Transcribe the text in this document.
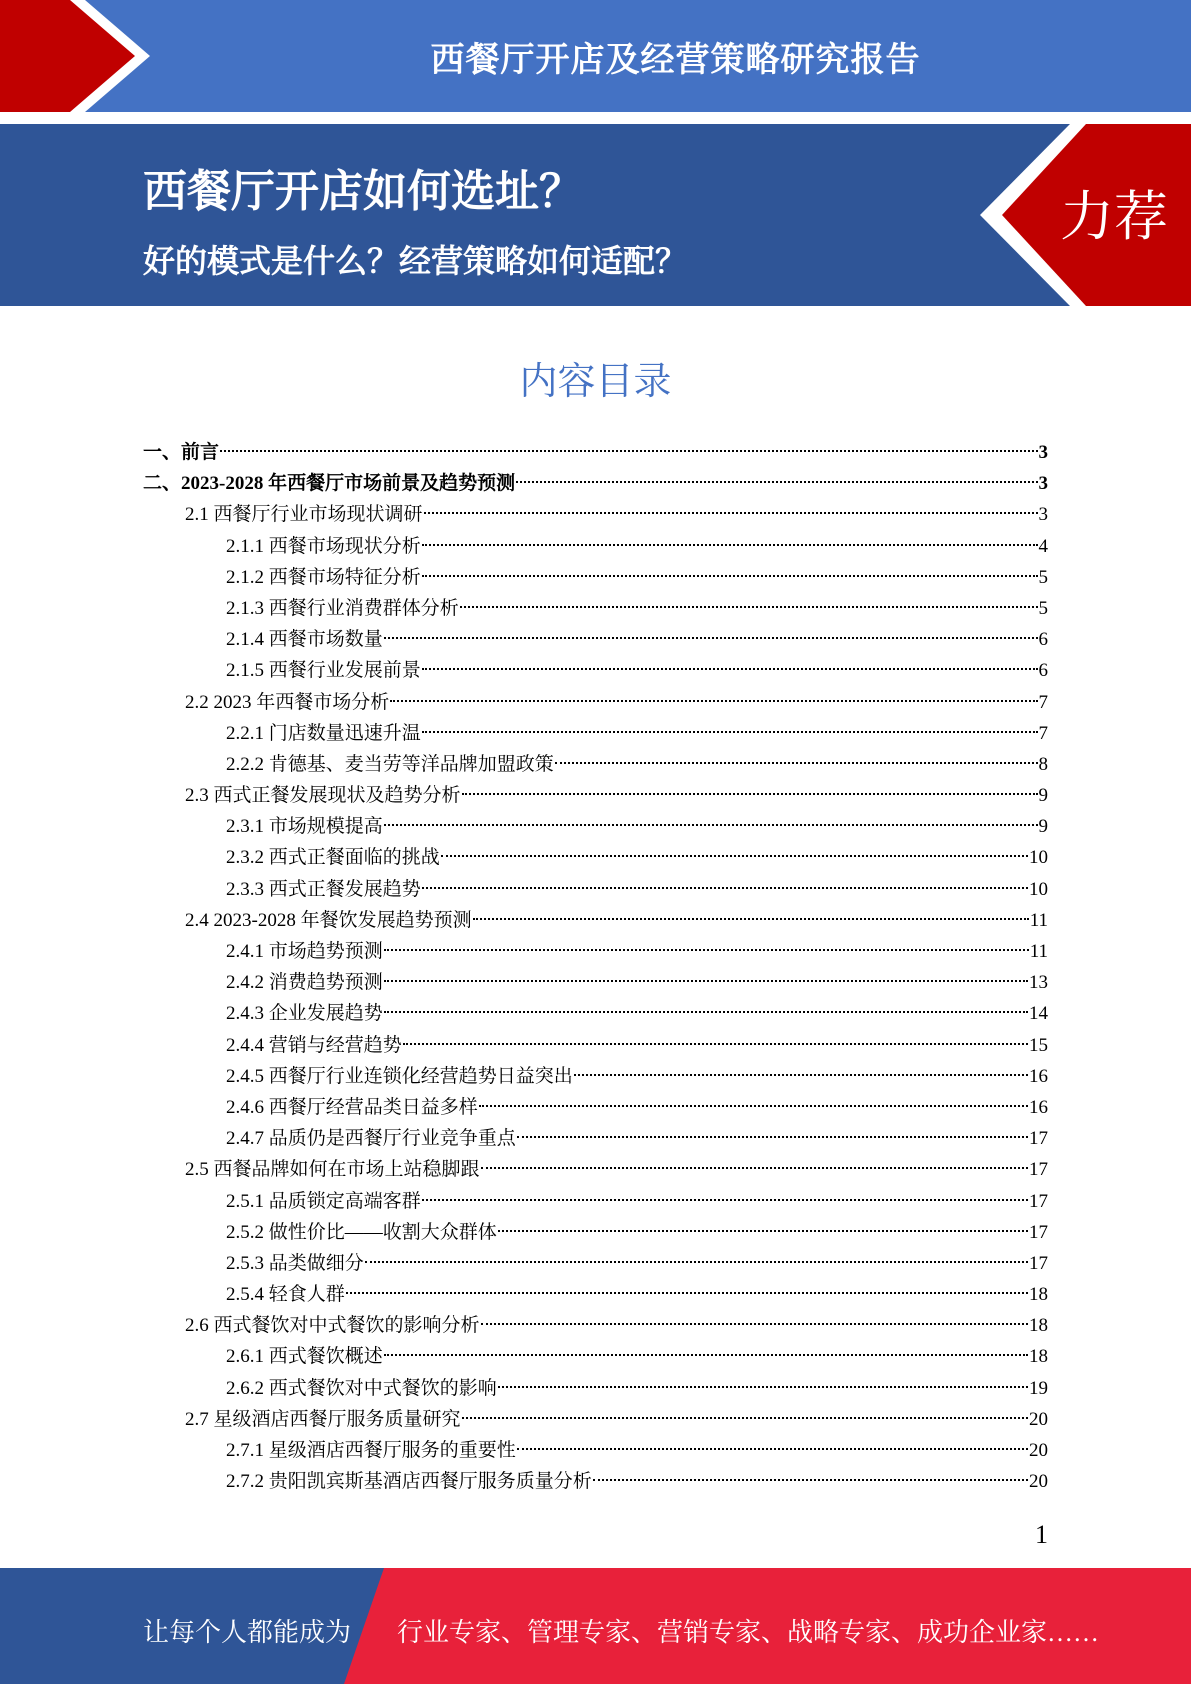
西餐厅开店及经营策略研究报告
西餐厅开店如何选址？
好的模式是什么？经营策略如何适配？
力荐
内容目录
一、前言	3
二、2023-2028 年西餐厅市场前景及趋势预测	3
2.1 西餐厅行业市场现状调研	3
2.1.1 西餐市场现状分析	4
2.1.2 西餐市场特征分析	5
2.1.3 西餐行业消费群体分析	5
2.1.4 西餐市场数量	6
2.1.5 西餐行业发展前景	6
2.2 2023 年西餐市场分析	7
2.2.1 门店数量迅速升温	7
2.2.2 肯德基、麦当劳等洋品牌加盟政策	8
2.3 西式正餐发展现状及趋势分析	9
2.3.1 市场规模提高	9
2.3.2 西式正餐面临的挑战	10
2.3.3 西式正餐发展趋势	10
2.4 2023-2028 年餐饮发展趋势预测	11
2.4.1 市场趋势预测	11
2.4.2 消费趋势预测	13
2.4.3 企业发展趋势	14
2.4.4 营销与经营趋势	15
2.4.5 西餐厅行业连锁化经营趋势日益突出	16
2.4.6 西餐厅经营品类日益多样	16
2.4.7 品质仍是西餐厅行业竞争重点	17
2.5 西餐品牌如何在市场上站稳脚跟	17
2.5.1 品质锁定高端客群	17
2.5.2 做性价比——收割大众群体	17
2.5.3 品类做细分	17
2.5.4 轻食人群	18
2.6 西式餐饮对中式餐饮的影响分析	18
2.6.1 西式餐饮概述	18
2.6.2 西式餐饮对中式餐饮的影响	19
2.7 星级酒店西餐厅服务质量研究	20
2.7.1 星级酒店西餐厅服务的重要性	20
2.7.2 贵阳凯宾斯基酒店西餐厅服务质量分析	20
1
让每个人都能成为 行业专家、管理专家、营销专家、战略专家、成功企业家……
